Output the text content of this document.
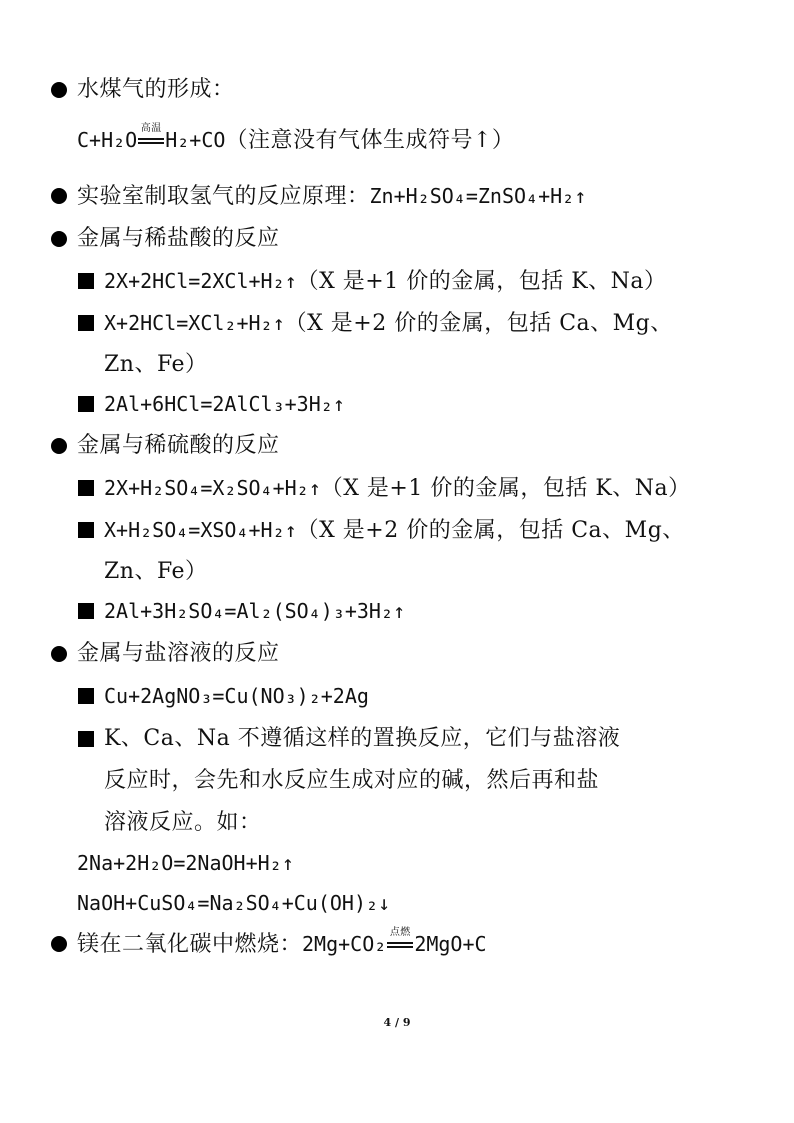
水煤气的形成：
C+H₂O 高温 H₂+CO（注意没有气体生成符号↑）
实验室制取氢气的反应原理：Zn+H₂SO₄=ZnSO₄+H₂↑
金属与稀盐酸的反应
2X+2HCl=2XCl+H₂↑（X 是+1 价的金属，包括 K、Na）
X+2HCl=XCl₂+H₂↑（X 是+2 价的金属，包括 Ca、Mg、
Zn、Fe）
2Al+6HCl=2AlCl₃+3H₂↑
金属与稀硫酸的反应
2X+H₂SO₄=X₂SO₄+H₂↑（X 是+1 价的金属，包括 K、Na）
X+H₂SO₄=XSO₄+H₂↑（X 是+2 价的金属，包括 Ca、Mg、
Zn、Fe）
2Al+3H₂SO₄=Al₂(SO₄)₃+3H₂↑
金属与盐溶液的反应
Cu+2AgNO₃=Cu(NO₃)₂+2Ag
K、Ca、Na 不遵循这样的置换反应，它们与盐溶液
反应时，会先和水反应生成对应的碱，然后再和盐
溶液反应。如：
2Na+2H₂O=2NaOH+H₂↑
NaOH+CuSO₄=Na₂SO₄+Cu(OH)₂↓
镁在二氧化碳中燃烧：2Mg+CO₂ 点燃 2MgO+C
4 / 9
